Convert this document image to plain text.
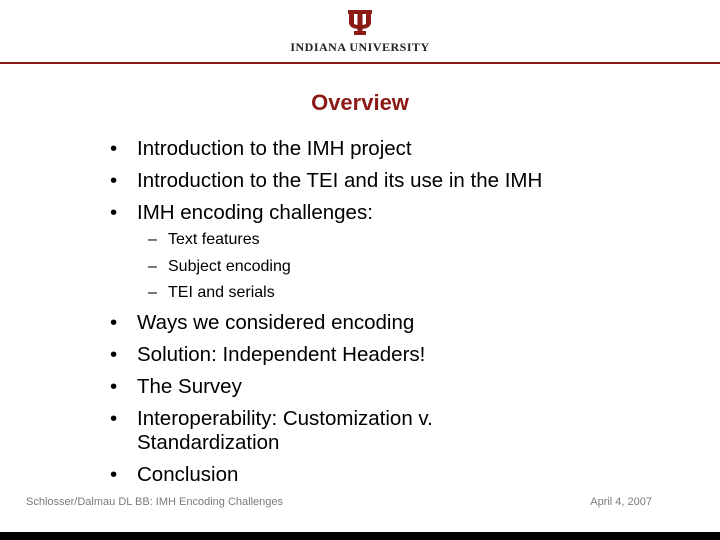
INDIANA UNIVERSITY
Overview
• Introduction to the IMH project
• Introduction to the TEI and its use in the IMH
• IMH encoding challenges:
– Text features
– Subject encoding
– TEI and serials
• Ways we considered encoding
• Solution: Independent Headers!
• The Survey
• Interoperability: Customization v.
Standardization
• Conclusion
Schlosser/Dalmau DL BB: IMH Encoding Challenges	April 4, 2007
